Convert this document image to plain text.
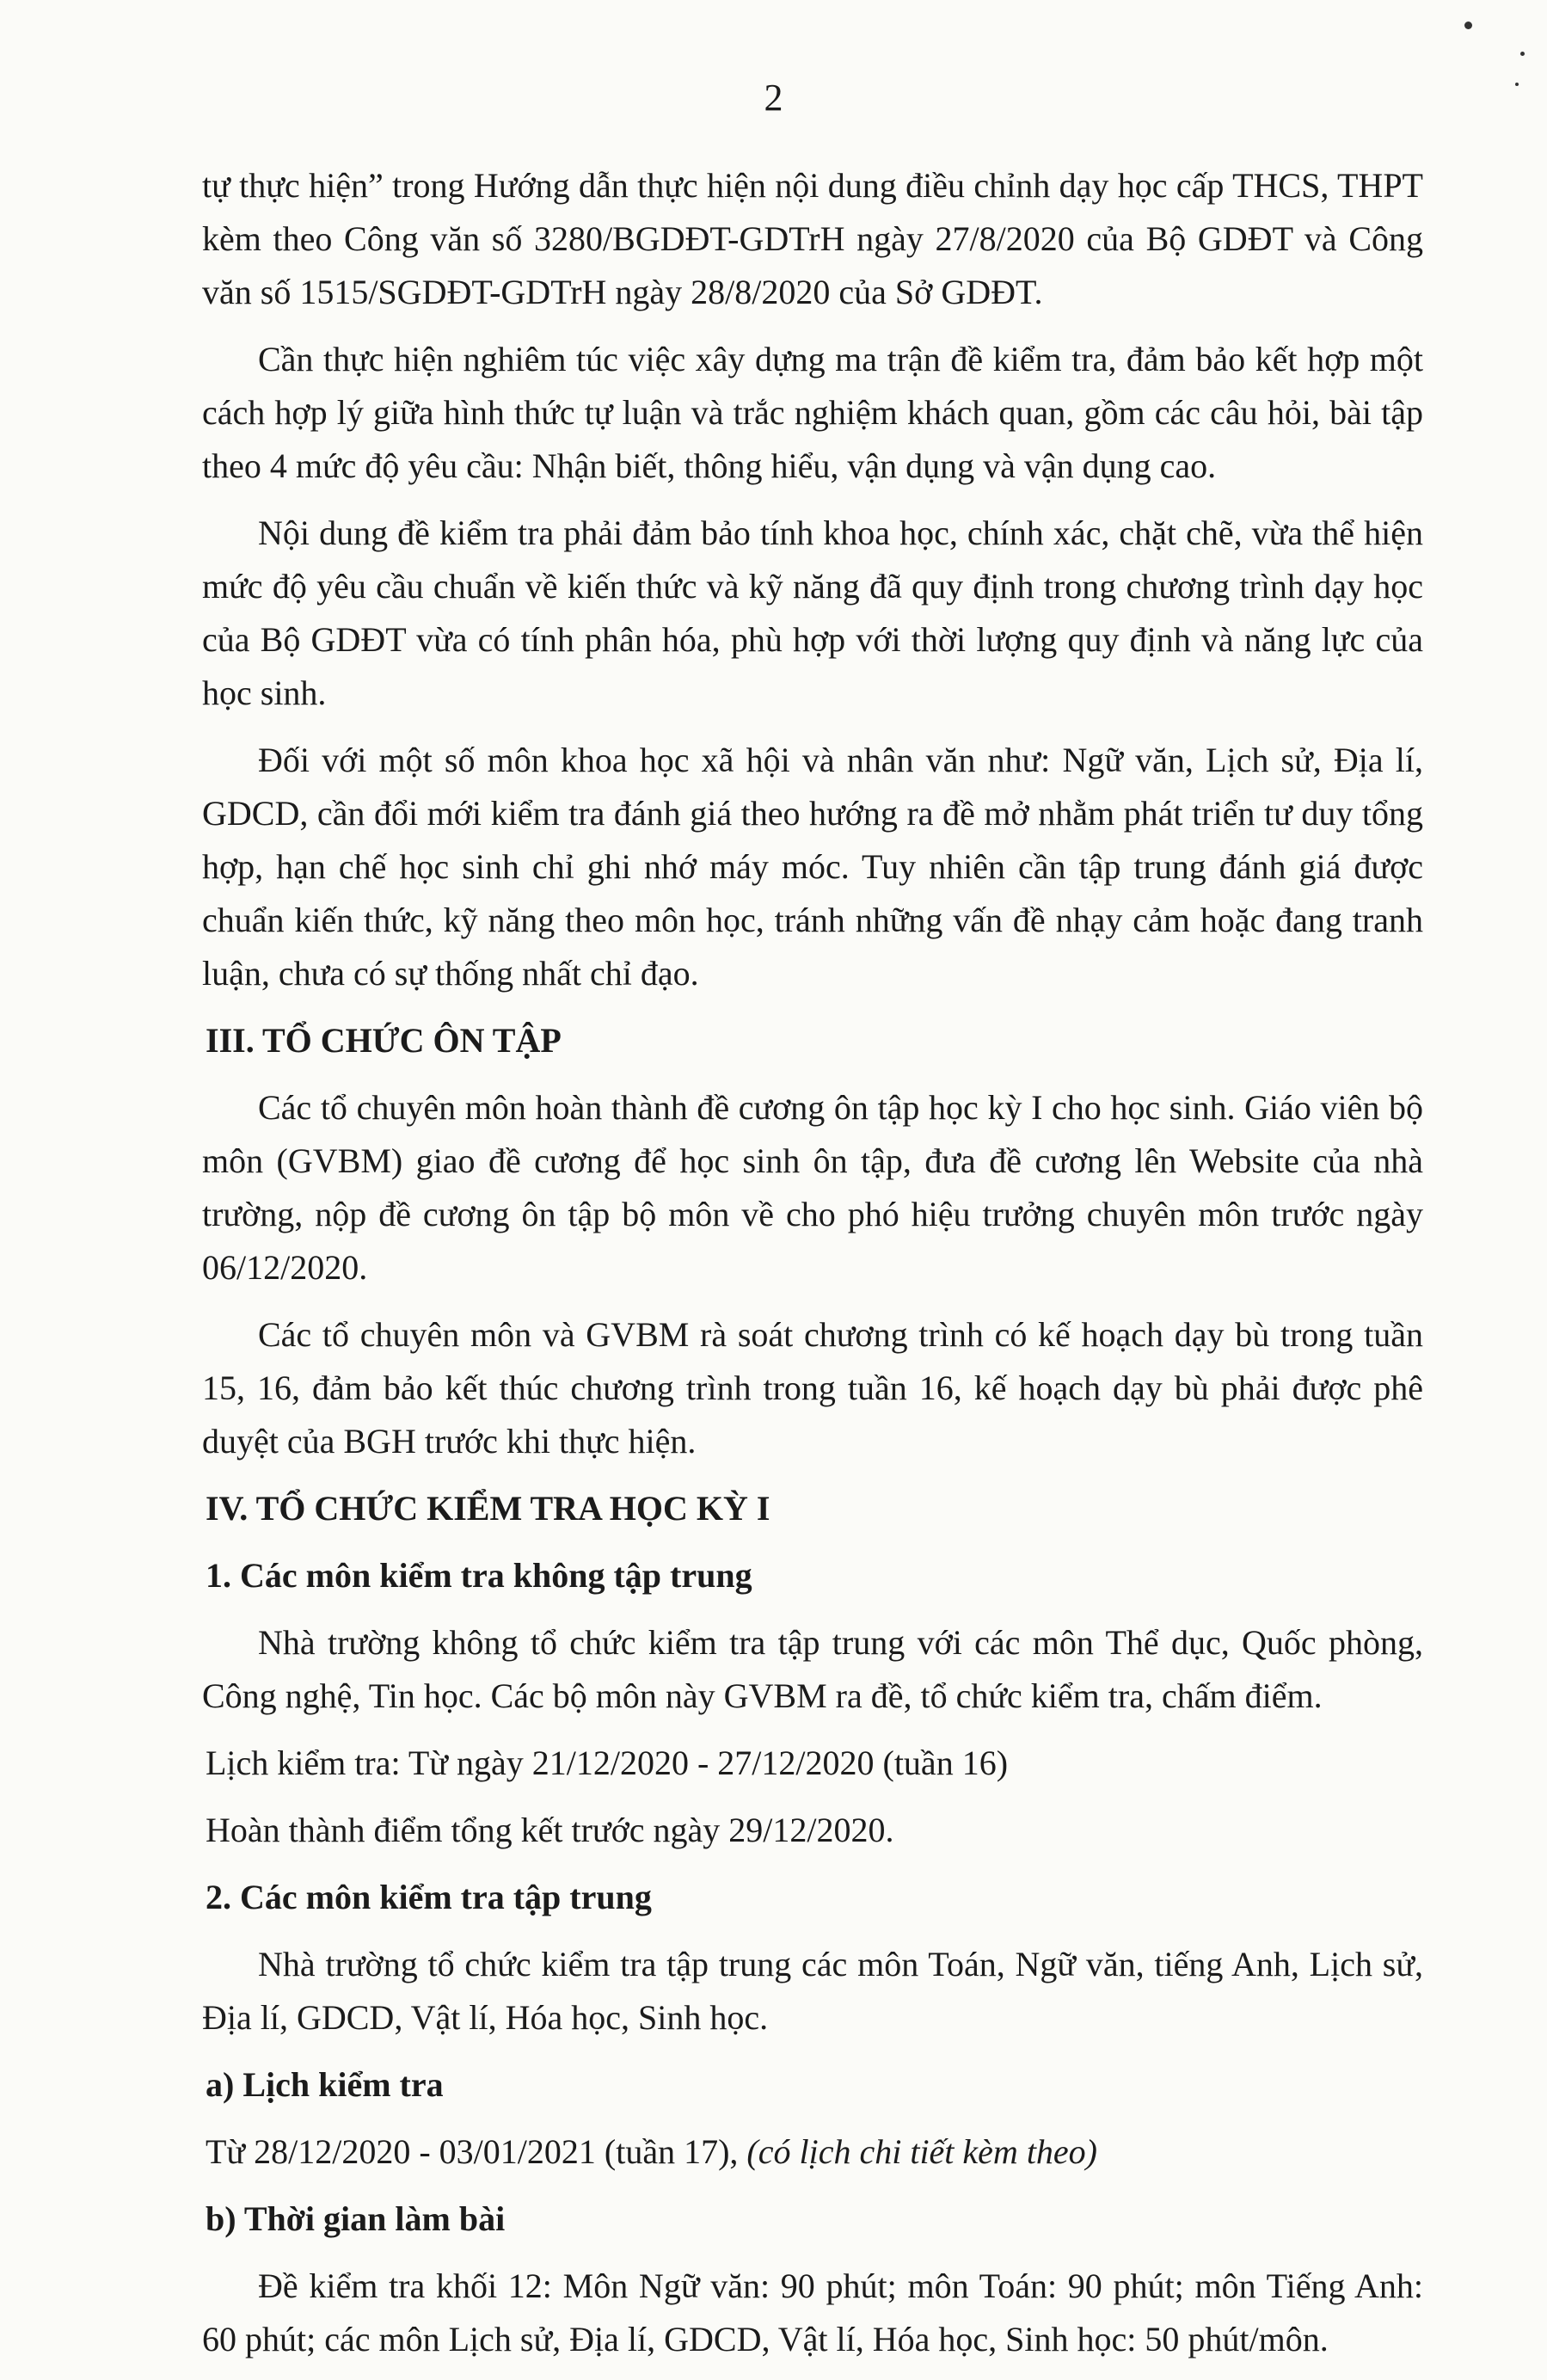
2

tự thực hiện” trong Hướng dẫn thực hiện nội dung điều chỉnh dạy học cấp THCS, THPT kèm theo Công văn số 3280/BGDĐT-GDTrH ngày 27/8/2020 của Bộ GDĐT và Công văn số 1515/SGDĐT-GDTrH ngày 28/8/2020 của Sở GDĐT.

Cần thực hiện nghiêm túc việc xây dựng ma trận đề kiểm tra, đảm bảo kết hợp một cách hợp lý giữa hình thức tự luận và trắc nghiệm khách quan, gồm các câu hỏi, bài tập theo 4 mức độ yêu cầu: Nhận biết, thông hiểu, vận dụng và vận dụng cao.

Nội dung đề kiểm tra phải đảm bảo tính khoa học, chính xác, chặt chẽ, vừa thể hiện mức độ yêu cầu chuẩn về kiến thức và kỹ năng đã quy định trong chương trình dạy học của Bộ GDĐT vừa có tính phân hóa, phù hợp với thời lượng quy định và năng lực của học sinh.

Đối với một số môn khoa học xã hội và nhân văn như: Ngữ văn, Lịch sử, Địa lí, GDCD, cần đổi mới kiểm tra đánh giá theo hướng ra đề mở nhằm phát triển tư duy tổng hợp, hạn chế học sinh chỉ ghi nhớ máy móc. Tuy nhiên cần tập trung đánh giá được chuẩn kiến thức, kỹ năng theo môn học, tránh những vấn đề nhạy cảm hoặc đang tranh luận, chưa có sự thống nhất chỉ đạo.

III. TỔ CHỨC ÔN TẬP

Các tổ chuyên môn hoàn thành đề cương ôn tập học kỳ I cho học sinh. Giáo viên bộ môn (GVBM) giao đề cương để học sinh ôn tập, đưa đề cương lên Website của nhà trường, nộp đề cương ôn tập bộ môn về cho phó hiệu trưởng chuyên môn trước ngày 06/12/2020.

Các tổ chuyên môn và GVBM rà soát chương trình có kế hoạch dạy bù trong tuần 15, 16, đảm bảo kết thúc chương trình trong tuần 16, kế hoạch dạy bù phải được phê duyệt của BGH trước khi thực hiện.

IV. TỔ CHỨC KIỂM TRA HỌC KỲ I
1. Các môn kiểm tra không tập trung

Nhà trường không tổ chức kiểm tra tập trung với các môn Thể dục, Quốc phòng, Công nghệ, Tin học. Các bộ môn này GVBM ra đề, tổ chức kiểm tra, chấm điểm.

Lịch kiểm tra: Từ ngày 21/12/2020 - 27/12/2020 (tuần 16)

Hoàn thành điểm tổng kết trước ngày 29/12/2020.

2. Các môn kiểm tra tập trung

Nhà trường tổ chức kiểm tra tập trung các môn Toán, Ngữ văn, tiếng Anh, Lịch sử, Địa lí, GDCD, Vật lí, Hóa học, Sinh học.

a) Lịch kiểm tra

Từ 28/12/2020 - 03/01/2021 (tuần 17), (có lịch chi tiết kèm theo)

b) Thời gian làm bài

Đề kiểm tra khối 12: Môn Ngữ văn: 90 phút; môn Toán: 90 phút; môn Tiếng Anh: 60 phút; các môn Lịch sử, Địa lí, GDCD, Vật lí, Hóa học, Sinh học: 50 phút/môn.
